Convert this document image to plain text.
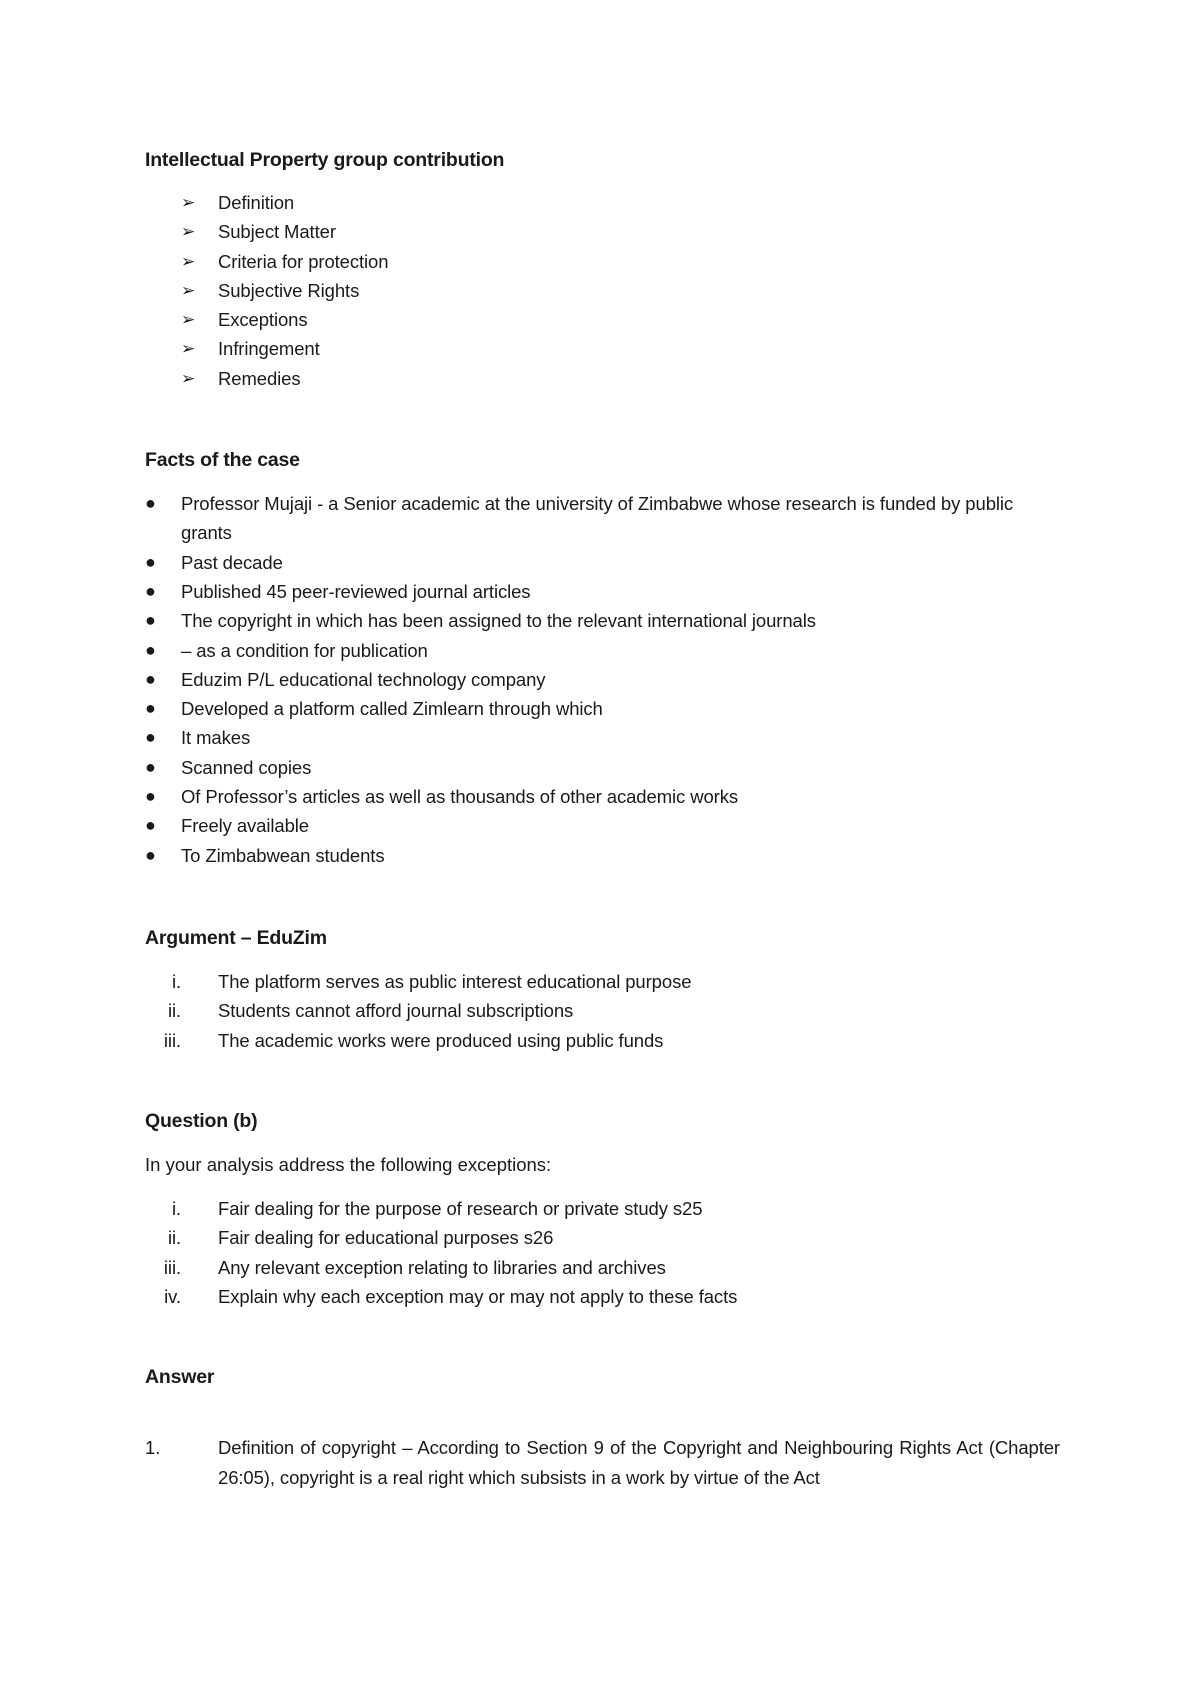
Intellectual Property group contribution
➢ Definition
➢ Subject Matter
➢ Criteria for protection
➢ Subjective Rights
➢ Exceptions
➢ Infringement
➢ Remedies
Facts of the case
● Professor Mujaji - a Senior academic at the university of Zimbabwe whose research is funded by public grants
● Past decade
● Published 45 peer-reviewed journal articles
● The copyright in which has been assigned to the relevant international journals
● – as a condition for publication
● Eduzim P/L educational technology company
● Developed a platform called Zimlearn through which
● It makes
● Scanned copies
● Of Professor’s articles as well as thousands of other academic works
● Freely available
● To Zimbabwean students
Argument – EduZim
i. The platform serves as public interest educational purpose
ii. Students cannot afford journal subscriptions
iii. The academic works were produced using public funds
Question (b)

In your analysis address the following exceptions:

i. Fair dealing for the purpose of research or private study s25
ii. Fair dealing for educational purposes s26
iii. Any relevant exception relating to libraries and archives
iv. Explain why each exception may or may not apply to these facts
Answer
1.	Definition of copyright – According to Section 9 of the Copyright and Neighbouring Rights Act (Chapter 26:05), copyright is a real right which subsists in a work by virtue of the Act
